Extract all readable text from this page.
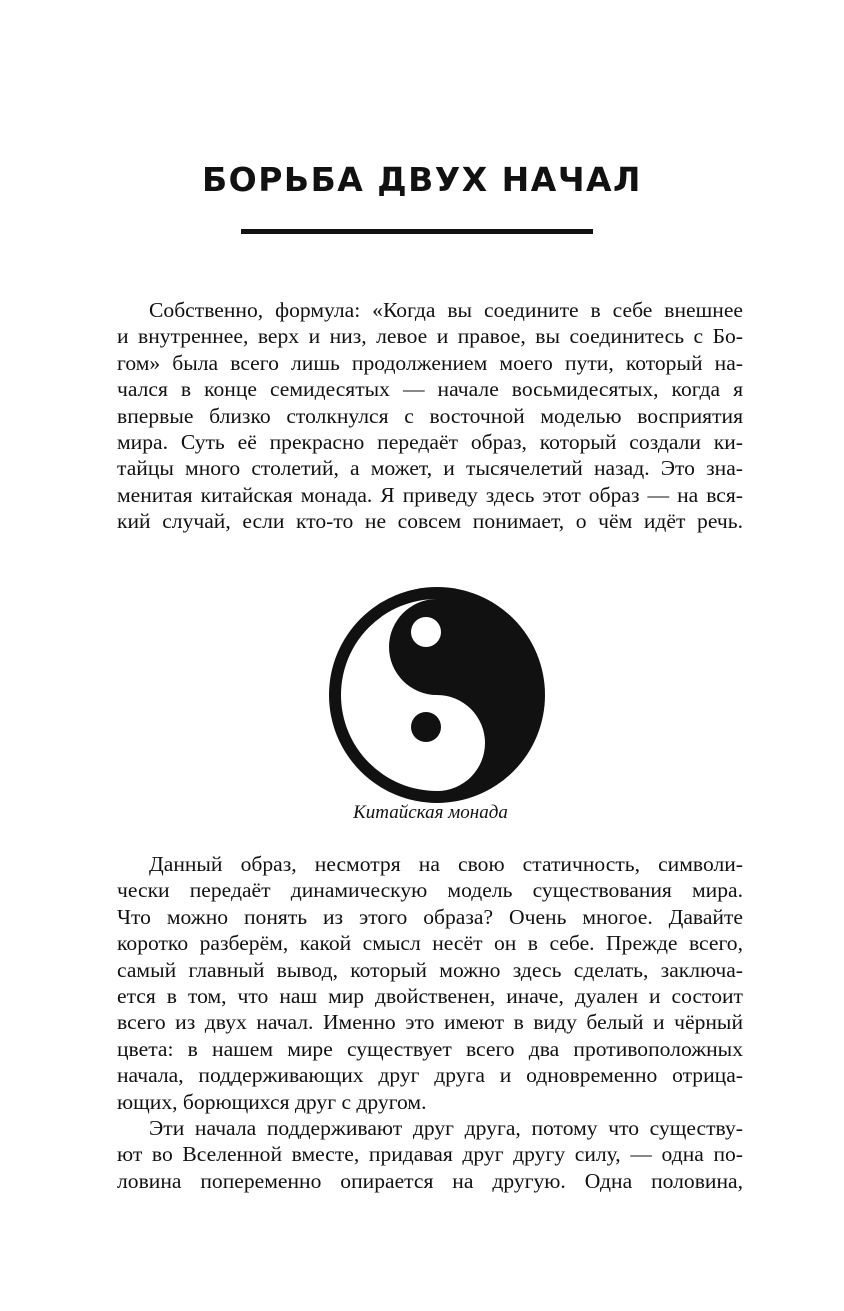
БОРЬБА ДВУХ НАЧАЛ
Собственно, формула: «Когда вы соедините в себе внешнее
и внутреннее, верх и низ, левое и правое, вы соединитесь с Бо-
гом» была всего лишь продолжением моего пути, который на-
чался в конце семидесятых — начале восьмидесятых, когда я
впервые близко столкнулся с восточной моделью восприятия
мира. Суть её прекрасно передаёт образ, который создали ки-
тайцы много столетий, а может, и тысячелетий назад. Это зна-
менитая китайская монада. Я приведу здесь этот образ — на вся-
кий случай, если кто-то не совсем понимает, о чём идёт речь.
Китайская монада
Данный образ, несмотря на свою статичность, символи-
чески передаёт динамическую модель существования мира.
Что можно понять из этого образа? Очень многое. Давайте
коротко разберём, какой смысл несёт он в себе. Прежде всего,
самый главный вывод, который можно здесь сделать, заключа-
ется в том, что наш мир двойственен, иначе, дуален и состоит
всего из двух начал. Именно это имеют в виду белый и чёрный
цвета: в нашем мире существует всего два противоположных
начала, поддерживающих друг друга и одновременно отрица-
ющих, борющихся друг с другом.
Эти начала поддерживают друг друга, потому что существу-
ют во Вселенной вместе, придавая друг другу силу, — одна по-
ловина попеременно опирается на другую. Одна половина,
